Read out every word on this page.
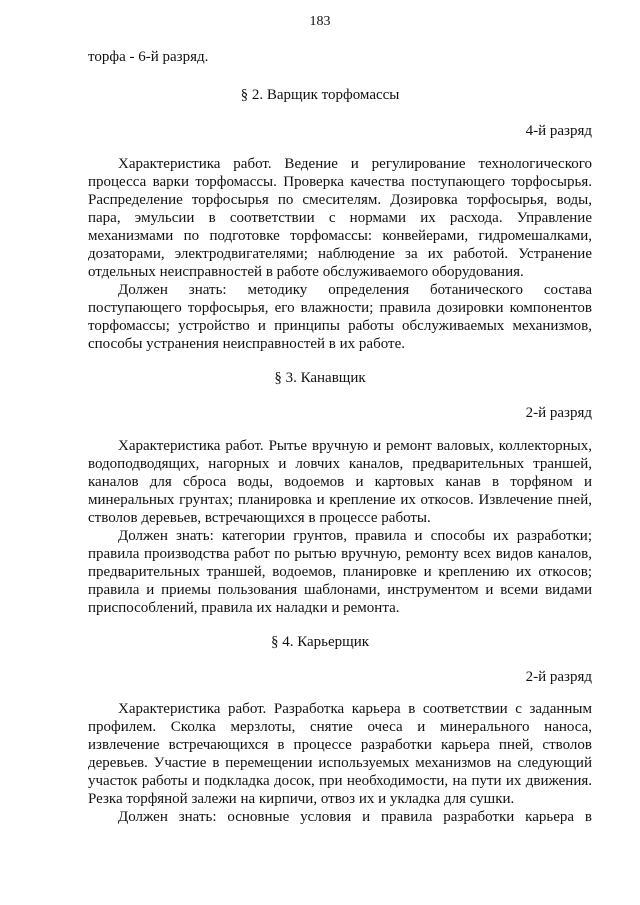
183
торфа - 6-й разряд.
§ 2. Варщик торфомассы
4-й разряд
Характеристика работ. Ведение и регулирование технологического
процесса варки торфомассы. Проверка качества поступающего торфосырья.
Распределение торфосырья по смесителям. Дозировка торфосырья, воды,
пара, эмульсии в соответствии с нормами их расхода. Управление
механизмами по подготовке торфомассы: конвейерами, гидромешалками,
дозаторами, электродвигателями; наблюдение за их работой. Устранение
отдельных неисправностей в работе обслуживаемого оборудования.
Должен знать: методику определения ботанического состава
поступающего торфосырья, его влажности; правила дозировки компонентов
торфомассы; устройство и принципы работы обслуживаемых механизмов,
способы устранения неисправностей в их работе.
§ 3. Канавщик
2-й разряд
Характеристика работ. Рытье вручную и ремонт валовых, коллекторных,
водоподводящих, нагорных и ловчих каналов, предварительных траншей,
каналов для сброса воды, водоемов и картовых канав в торфяном и
минеральных грунтах; планировка и крепление их откосов. Извлечение пней,
стволов деревьев, встречающихся в процессе работы.
Должен знать: категории грунтов, правила и способы их разработки;
правила производства работ по рытью вручную, ремонту всех видов каналов,
предварительных траншей, водоемов, планировке и креплению их откосов;
правила и приемы пользования шаблонами, инструментом и всеми видами
приспособлений, правила их наладки и ремонта.
§ 4. Карьерщик
2-й разряд
Характеристика работ. Разработка карьера в соответствии с заданным
профилем. Сколка мерзлоты, снятие очеса и минерального наноса,
извлечение встречающихся в процессе разработки карьера пней, стволов
деревьев. Участие в перемещении используемых механизмов на следующий
участок работы и подкладка досок, при необходимости, на пути их движения.
Резка торфяной залежи на кирпичи, отвоз их и укладка для сушки.
Должен знать: основные условия и правила разработки карьера в
